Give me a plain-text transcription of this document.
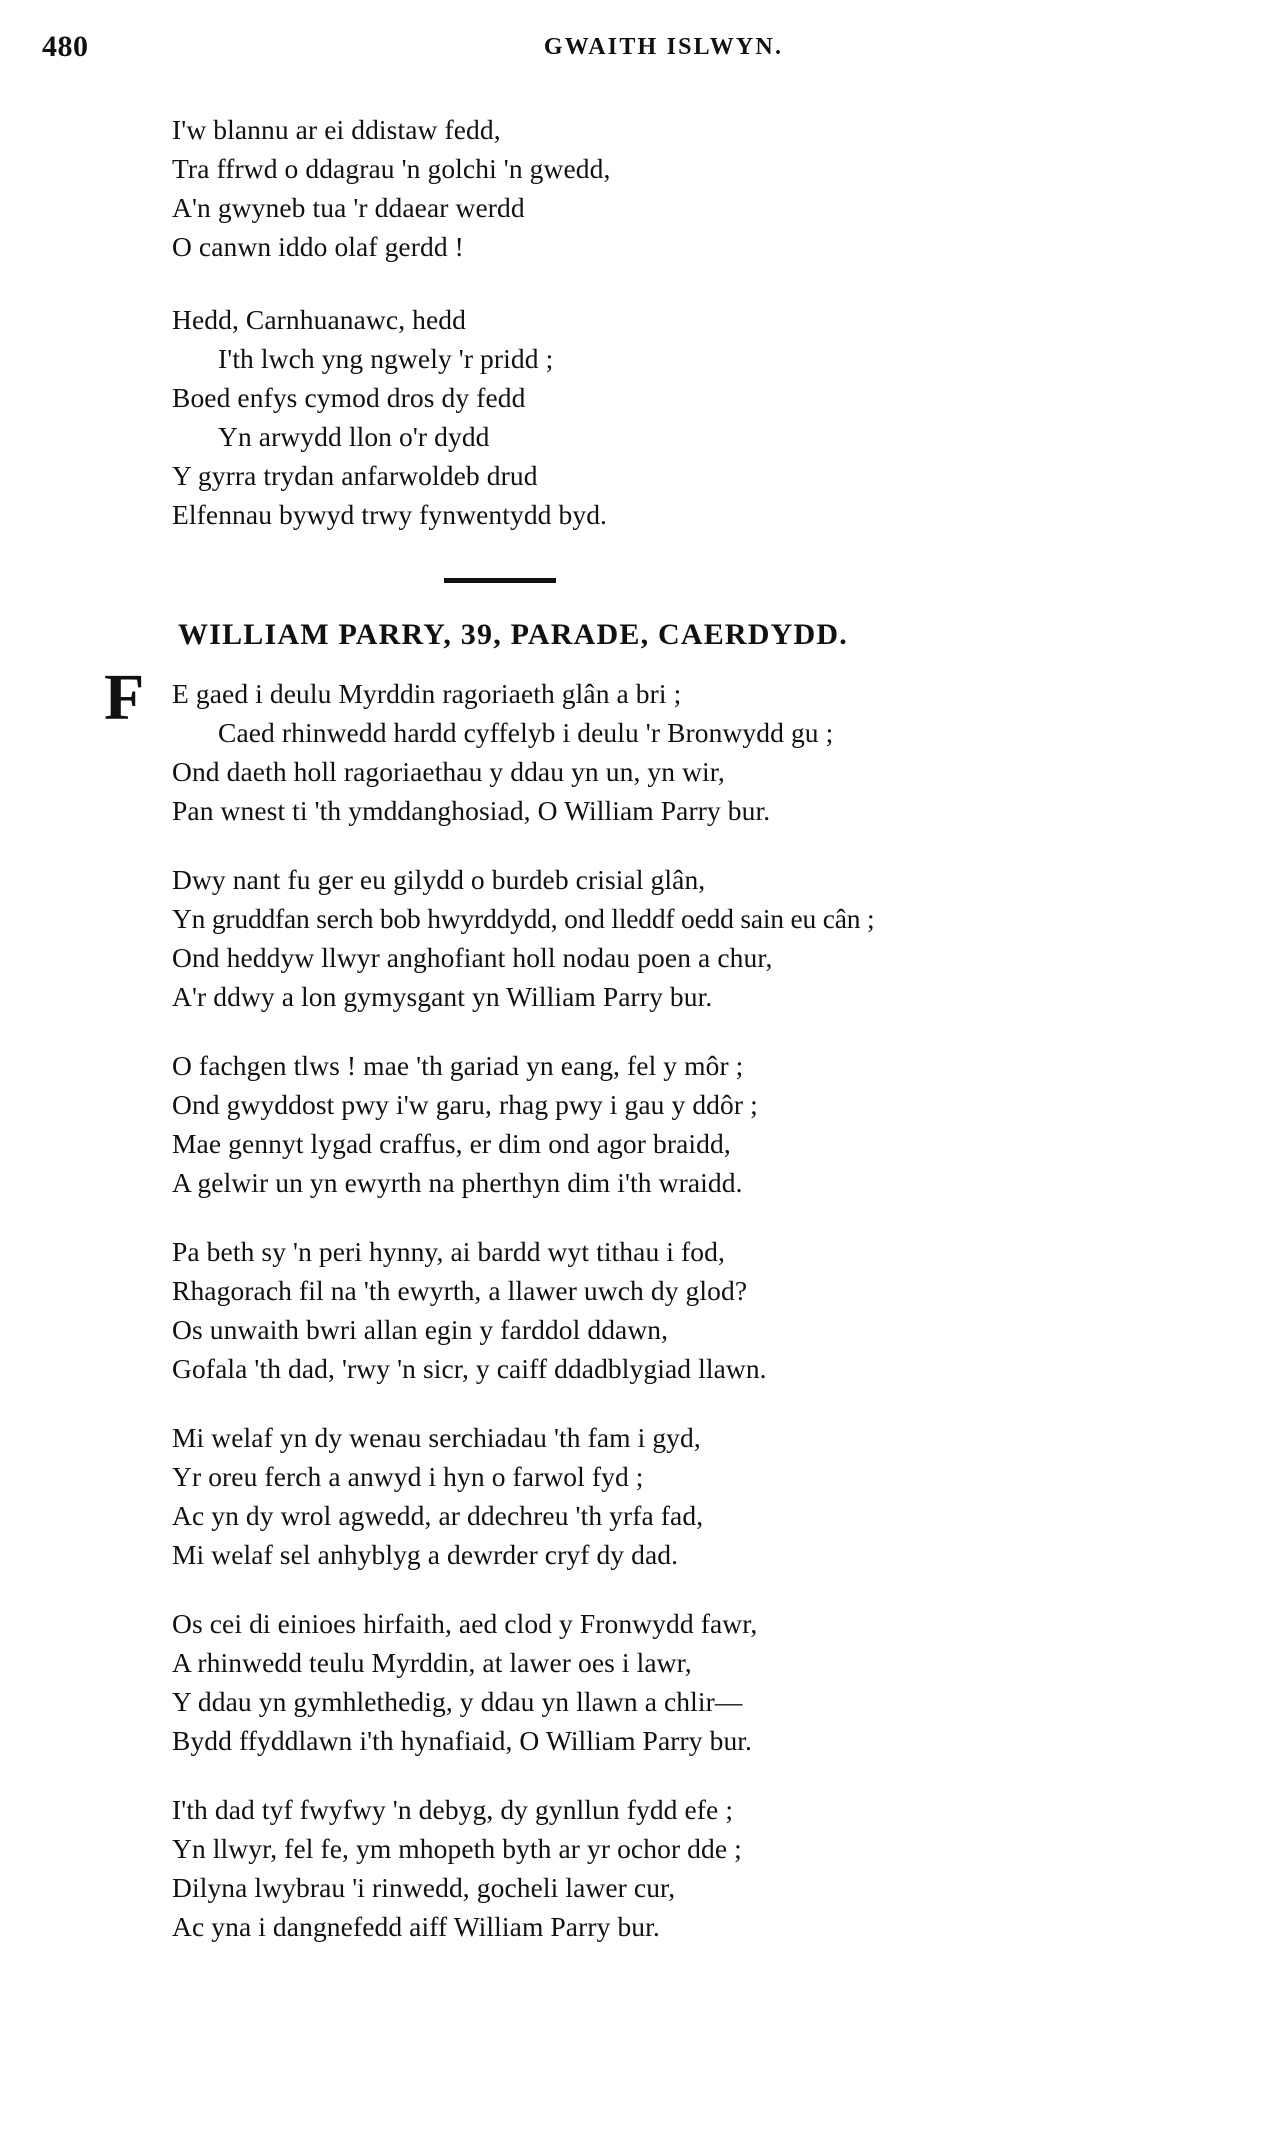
480	GWAITH ISLWYN.
I'w blannu ar ei ddistaw fedd,
Tra ffrwd o ddagrau 'n golchi 'n gwedd,
A'n gwyneb tua 'r ddaear werdd
O canwn iddo olaf gerdd !
Hedd, Carnhuanawc, hedd
I'th lwch yng ngwely 'r pridd ;
Boed enfys cymod dros dy fedd
Yn arwydd llon o'r dydd
Y gyrra trydan anfarwoldeb drud
Elfennau bywyd trwy fynwentydd byd.
WILLIAM PARRY, 39, PARADE, CAERDYDD.
F E gaed i deulu Myrddin ragoriaeth glân a bri ;
Caed rhinwedd hardd cyffelyb i deulu 'r Bronwydd gu ;
Ond daeth holl ragoriaethau y ddau yn un, yn wir,
Pan wnest ti 'th ymddanghosiad, O William Parry bur.
Dwy nant fu ger eu gilydd o burdeb crisial glân,
Yn gruddfan serch bob hwyrddydd, ond lleddf oedd sain eu cân ;
Ond heddyw llwyr anghofiant holl nodau poen a chur,
A'r ddwy a lon gymysgant yn William Parry bur.
O fachgen tlws ! mae 'th gariad yn eang, fel y môr ;
Ond gwyddost pwy i'w garu, rhag pwy i gau y ddôr ;
Mae gennyt lygad craffus, er dim ond agor braidd,
A gelwir un yn ewyrth na pherthyn dim i'th wraidd.
Pa beth sy 'n peri hynny, ai bardd wyt tithau i fod,
Rhagorach fil na 'th ewyrth, a llawer uwch dy glod?
Os unwaith bwri allan egin y farddol ddawn,
Gofala 'th dad, 'rwy 'n sicr, y caiff ddadblygiad llawn.
Mi welaf yn dy wenau serchiadau 'th fam i gyd,
Yr oreu ferch a anwyd i hyn o farwol fyd ;
Ac yn dy wrol agwedd, ar ddechreu 'th yrfa fad,
Mi welaf sel anhyblyg a dewrder cryf dy dad.
Os cei di einioes hirfaith, aed clod y Fronwydd fawr,
A rhinwedd teulu Myrddin, at lawer oes i lawr,
Y ddau yn gymhlethedig, y ddau yn llawn a chlir—
Bydd ffyddlawn i'th hynafiaid, O William Parry bur.
I'th dad tyf fwyfwy 'n debyg, dy gynllun fydd efe ;
Yn llwyr, fel fe, ym mhopeth byth ar yr ochor dde ;
Dilyna lwybrau 'i rinwedd, gocheli lawer cur,
Ac yna i dangnefedd aiff William Parry bur.
